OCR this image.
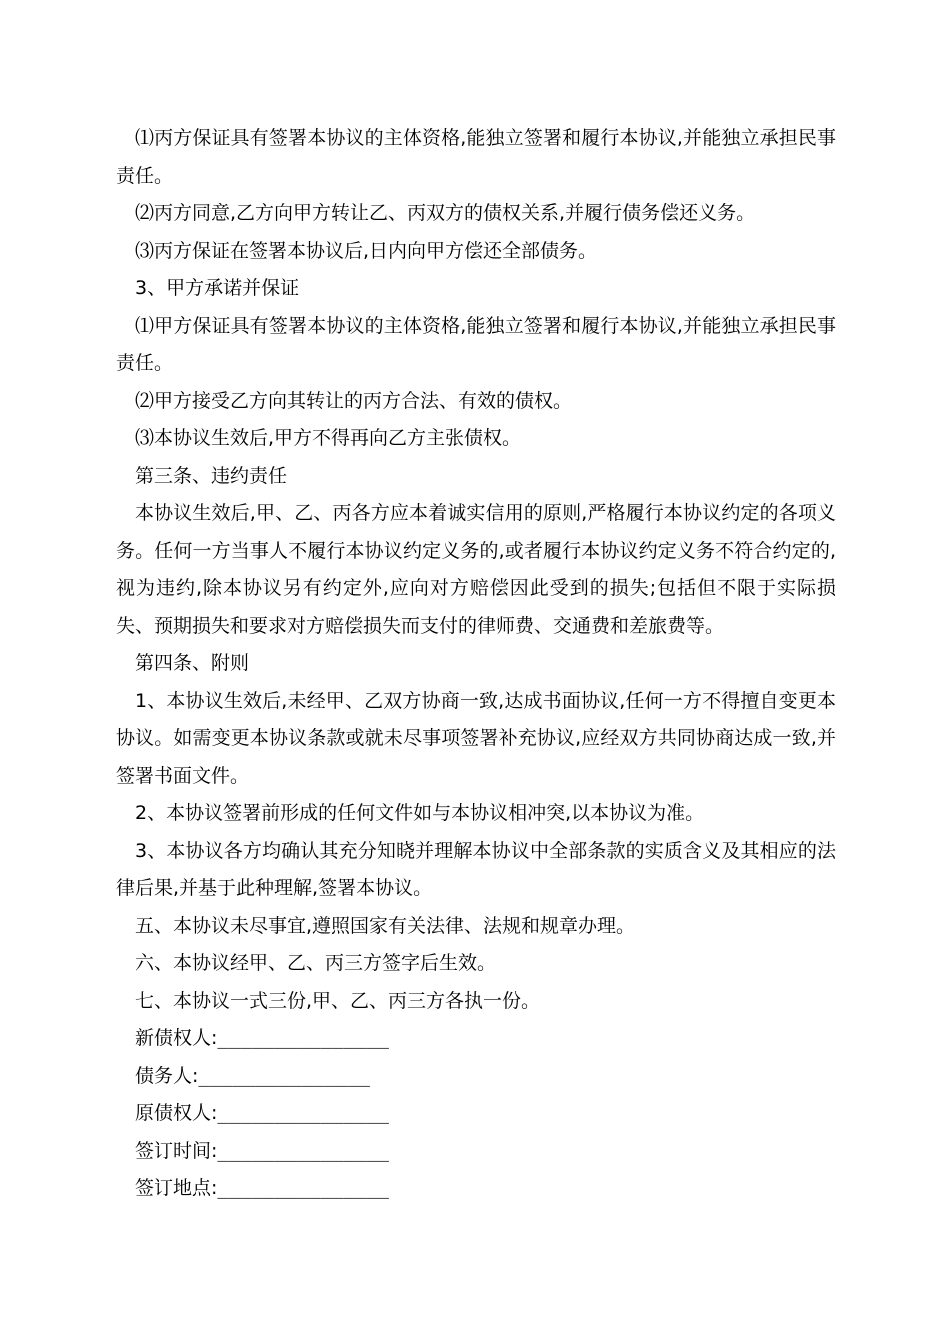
⑴丙方保证具有签署本协议的主体资格,能独立签署和履行本协议,并能独立承担民事责任。

⑵丙方同意,乙方向甲方转让乙、丙双方的债权关系,并履行债务偿还义务。

⑶丙方保证在签署本协议后,日内向甲方偿还全部债务。

3、甲方承诺并保证

⑴甲方保证具有签署本协议的主体资格,能独立签署和履行本协议,并能独立承担民事责任。

⑵甲方接受乙方向其转让的丙方合法、有效的债权。

⑶本协议生效后,甲方不得再向乙方主张债权。

第三条、违约责任

本协议生效后,甲、乙、丙各方应本着诚实信用的原则,严格履行本协议约定的各项义务。任何一方当事人不履行本协议约定义务的,或者履行本协议约定义务不符合约定的,视为违约,除本协议另有约定外,应向对方赔偿因此受到的损失;包括但不限于实际损失、预期损失和要求对方赔偿损失而支付的律师费、交通费和差旅费等。

第四条、附则

1、本协议生效后,未经甲、乙双方协商一致,达成书面协议,任何一方不得擅自变更本协议。如需变更本协议条款或就未尽事项签署补充协议,应经双方共同协商达成一致,并签署书面文件。

2、本协议签署前形成的任何文件如与本协议相冲突,以本协议为准。

3、本协议各方均确认其充分知晓并理解本协议中全部条款的实质含义及其相应的法律后果,并基于此种理解,签署本协议。

五、本协议未尽事宜,遵照国家有关法律、法规和规章办理。

六、本协议经甲、乙、丙三方签字后生效。

七、本协议一式三份,甲、乙、丙三方各执一份。

新债权人:_______________

债务人:_______________

原债权人:_______________

签订时间:_______________

签订地点:_______________
